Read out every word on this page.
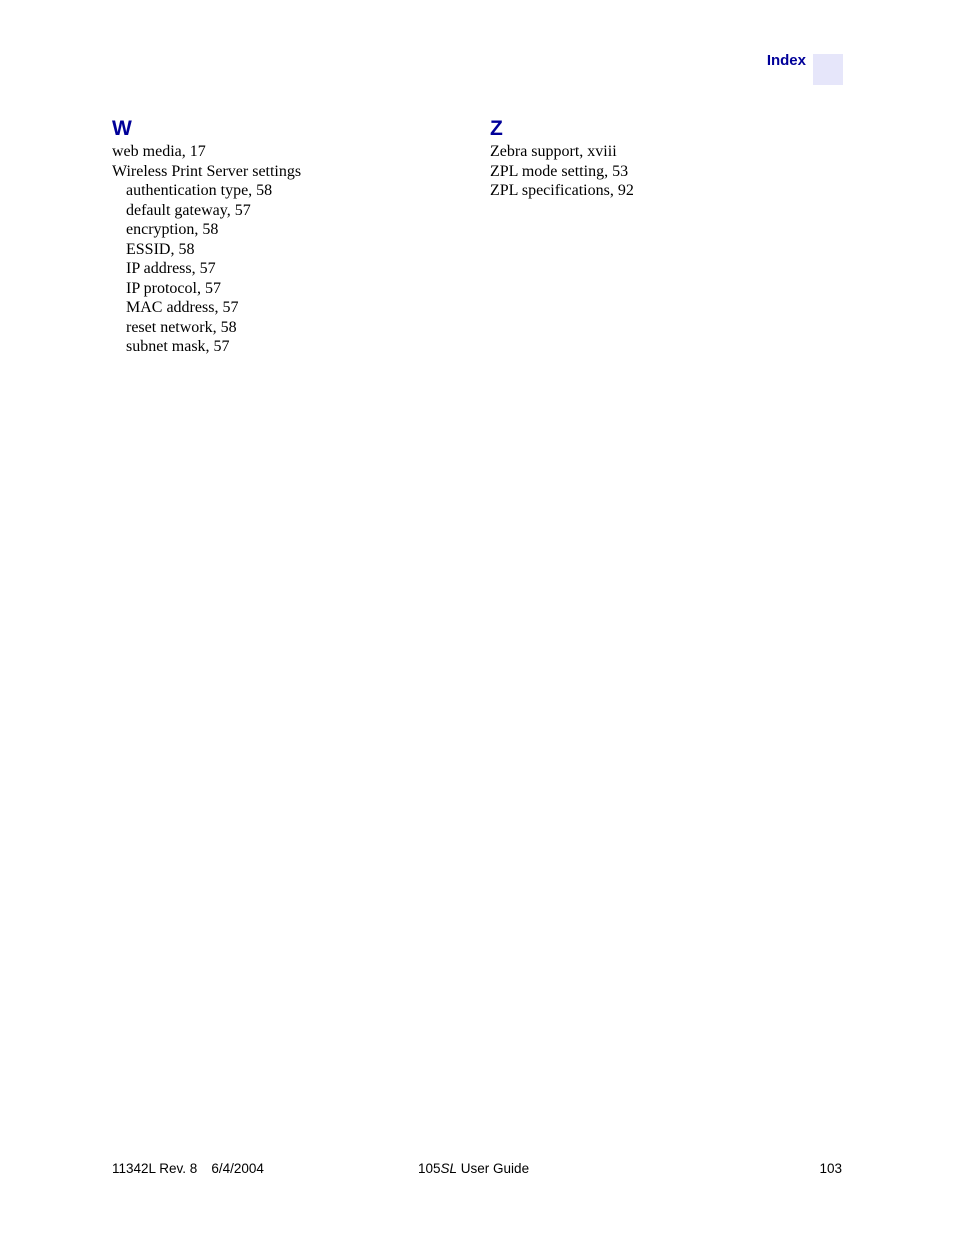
Index
W
web media, 17
Wireless Print Server settings
authentication type, 58
default gateway, 57
encryption, 58
ESSID, 58
IP address, 57
IP protocol, 57
MAC address, 57
reset network, 58
subnet mask, 57
Z
Zebra support, xviii
ZPL mode setting, 53
ZPL specifications, 92
11342L Rev. 8 6/4/2004	105SL User Guide	103
